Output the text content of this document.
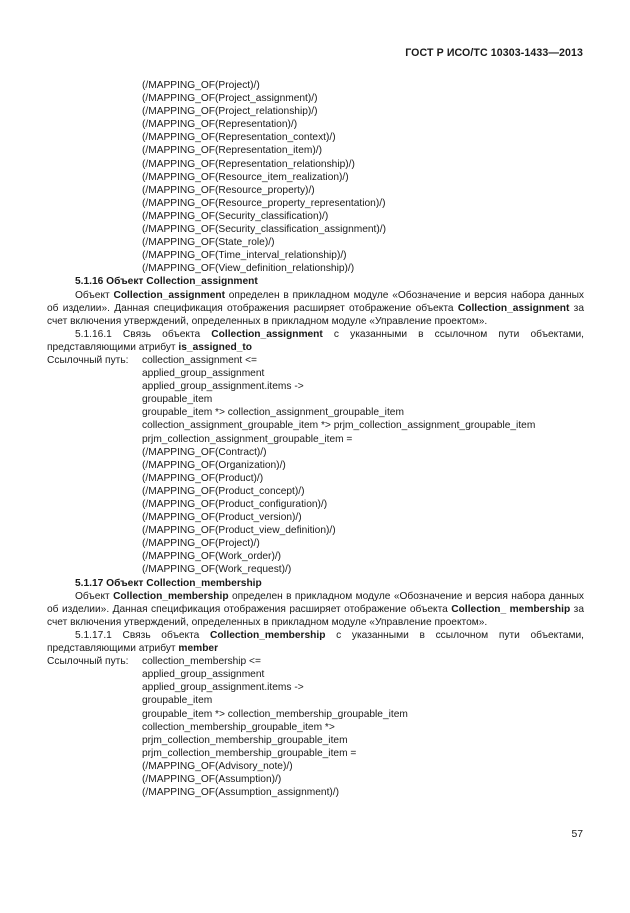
ГОСТ Р ИСО/ТС 10303-1433—2013
(/MAPPING_OF(Project)/)
(/MAPPING_OF(Project_assignment)/)
(/MAPPING_OF(Project_relationship)/)
(/MAPPING_OF(Representation)/)
(/MAPPING_OF(Representation_context)/)
(/MAPPING_OF(Representation_item)/)
(/MAPPING_OF(Representation_relationship)/)
(/MAPPING_OF(Resource_item_realization)/)
(/MAPPING_OF(Resource_property)/)
(/MAPPING_OF(Resource_property_representation)/)
(/MAPPING_OF(Security_classification)/)
(/MAPPING_OF(Security_classification_assignment)/)
(/MAPPING_OF(State_role)/)
(/MAPPING_OF(Time_interval_relationship)/)
(/MAPPING_OF(View_definition_relationship)/)
5.1.16 Объект Collection_assignment
Объект Collection_assignment определен в прикладном модуле «Обозначение и версия набора данных об изделии». Данная спецификация отображения расширяет отображение объекта Collection_assignment за счет включения утверждений, определенных в прикладном модуле «Управление проектом».
5.1.16.1 Связь объекта Collection_assignment с указанными в ссылочном пути объектами, представляющими атрибут is_assigned_to
Ссылочный путь:	collection_assignment <=
applied_group_assignment
applied_group_assignment.items ->
groupable_item
groupable_item *> collection_assignment_groupable_item
collection_assignment_groupable_item *> prjm_collection_assignment_groupable_item
prjm_collection_assignment_groupable_item =
(/MAPPING_OF(Contract)/)
(/MAPPING_OF(Organization)/)
(/MAPPING_OF(Product)/)
(/MAPPING_OF(Product_concept)/)
(/MAPPING_OF(Product_configuration)/)
(/MAPPING_OF(Product_version)/)
(/MAPPING_OF(Product_view_definition)/)
(/MAPPING_OF(Project)/)
(/MAPPING_OF(Work_order)/)
(/MAPPING_OF(Work_request)/)
5.1.17 Объект Collection_membership
Объект Collection_membership определен в прикладном модуле «Обозначение и версия набора данных об изделии». Данная спецификация отображения расширяет отображение объекта Collection_ membership за счет включения утверждений, определенных в прикладном модуле «Управление проектом».
5.1.17.1 Связь объекта Collection_membership с указанными в ссылочном пути объектами, представляющими атрибут member
Ссылочный путь:	collection_membership <=
applied_group_assignment
applied_group_assignment.items ->
groupable_item
groupable_item *> collection_membership_groupable_item
collection_membership_groupable_item *>
prjm_collection_membership_groupable_item
prjm_collection_membership_groupable_item =
(/MAPPING_OF(Advisory_note)/)
(/MAPPING_OF(Assumption)/)
(/MAPPING_OF(Assumption_assignment)/)
57
